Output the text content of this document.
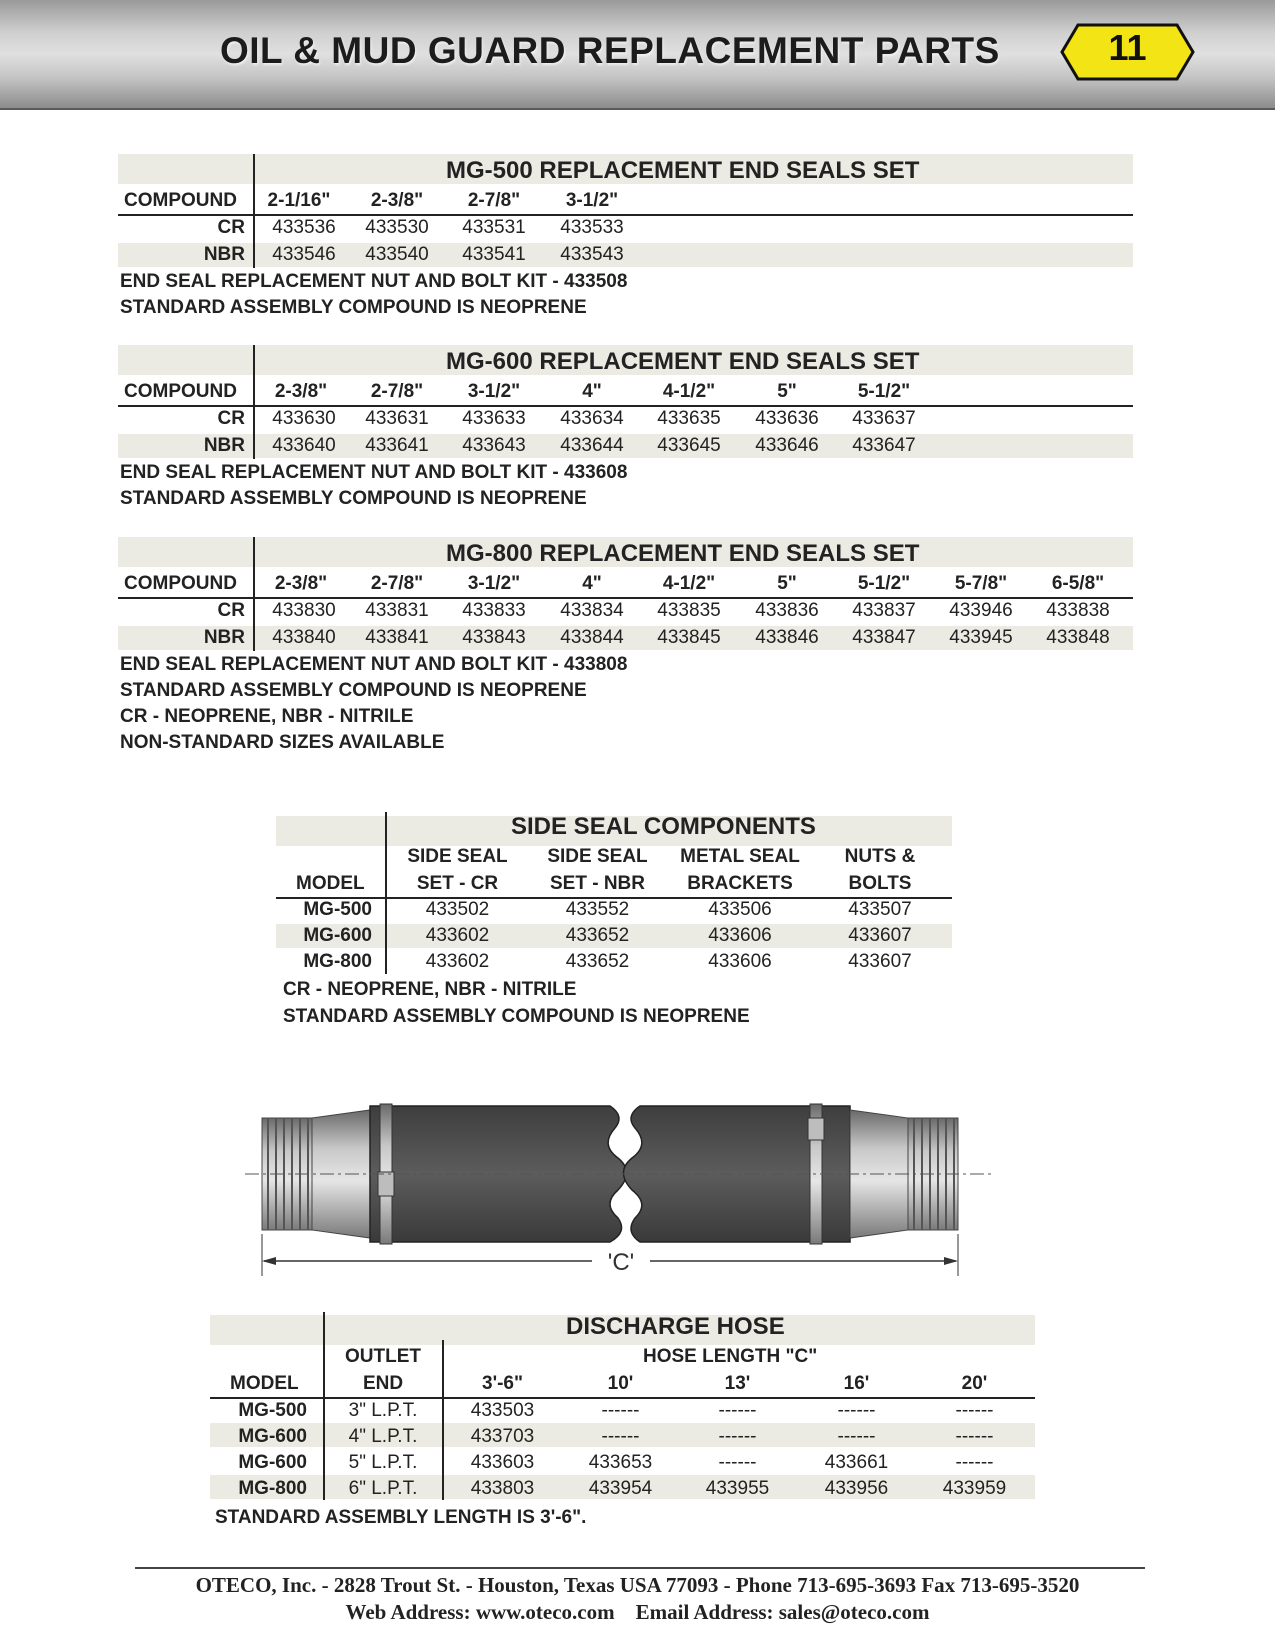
OIL & MUD GUARD REPLACEMENT PARTS	11
MG-500 REPLACEMENT END SEALS SET
COMPOUND	2-1/16"	2-3/8"	2-7/8"	3-1/2"
CR	433536	433530	433531	433533
NBR	433546	433540	433541	433543
END SEAL REPLACEMENT NUT AND BOLT KIT - 433508
STANDARD ASSEMBLY COMPOUND IS NEOPRENE
MG-600 REPLACEMENT END SEALS SET
COMPOUND	2-3/8"	2-7/8"	3-1/2"	4"	4-1/2"	5"	5-1/2"
CR	433630	433631	433633	433634	433635	433636	433637
NBR	433640	433641	433643	433644	433645	433646	433647
END SEAL REPLACEMENT NUT AND BOLT KIT - 433608
STANDARD ASSEMBLY COMPOUND IS NEOPRENE
MG-800 REPLACEMENT END SEALS SET
COMPOUND	2-3/8"	2-7/8"	3-1/2"	4"	4-1/2"	5"	5-1/2"	5-7/8"	6-5/8"
CR	433830	433831	433833	433834	433835	433836	433837	433946	433838
NBR	433840	433841	433843	433844	433845	433846	433847	433945	433848
END SEAL REPLACEMENT NUT AND BOLT KIT - 433808
STANDARD ASSEMBLY COMPOUND IS NEOPRENE
CR - NEOPRENE, NBR - NITRILE
NON-STANDARD SIZES AVAILABLE
SIDE SEAL COMPONENTS
SIDE SEAL	SIDE SEAL	METAL SEAL	NUTS &
MODEL	SET - CR	SET - NBR	BRACKETS	BOLTS
MG-500	433502	433552	433506	433507
MG-600	433602	433652	433606	433607
MG-800	433602	433652	433606	433607
CR - NEOPRENE, NBR - NITRILE
STANDARD ASSEMBLY COMPOUND IS NEOPRENE
'C'
DISCHARGE HOSE
OUTLET	HOSE LENGTH "C"
MODEL	END	3'-6"	10'	13'	16'	20'
MG-500	3" L.P.T.	433503	------	------	------	------
MG-600	4" L.P.T.	433703	------	------	------	------
MG-600	5" L.P.T.	433603	433653	------	433661	------
MG-800	6" L.P.T.	433803	433954	433955	433956	433959
STANDARD ASSEMBLY LENGTH IS 3'-6".
OTECO, Inc. - 2828 Trout St. - Houston, Texas USA 77093 - Phone 713-695-3693 Fax 713-695-3520
Web Address: www.oteco.com    Email Address: sales@oteco.com
